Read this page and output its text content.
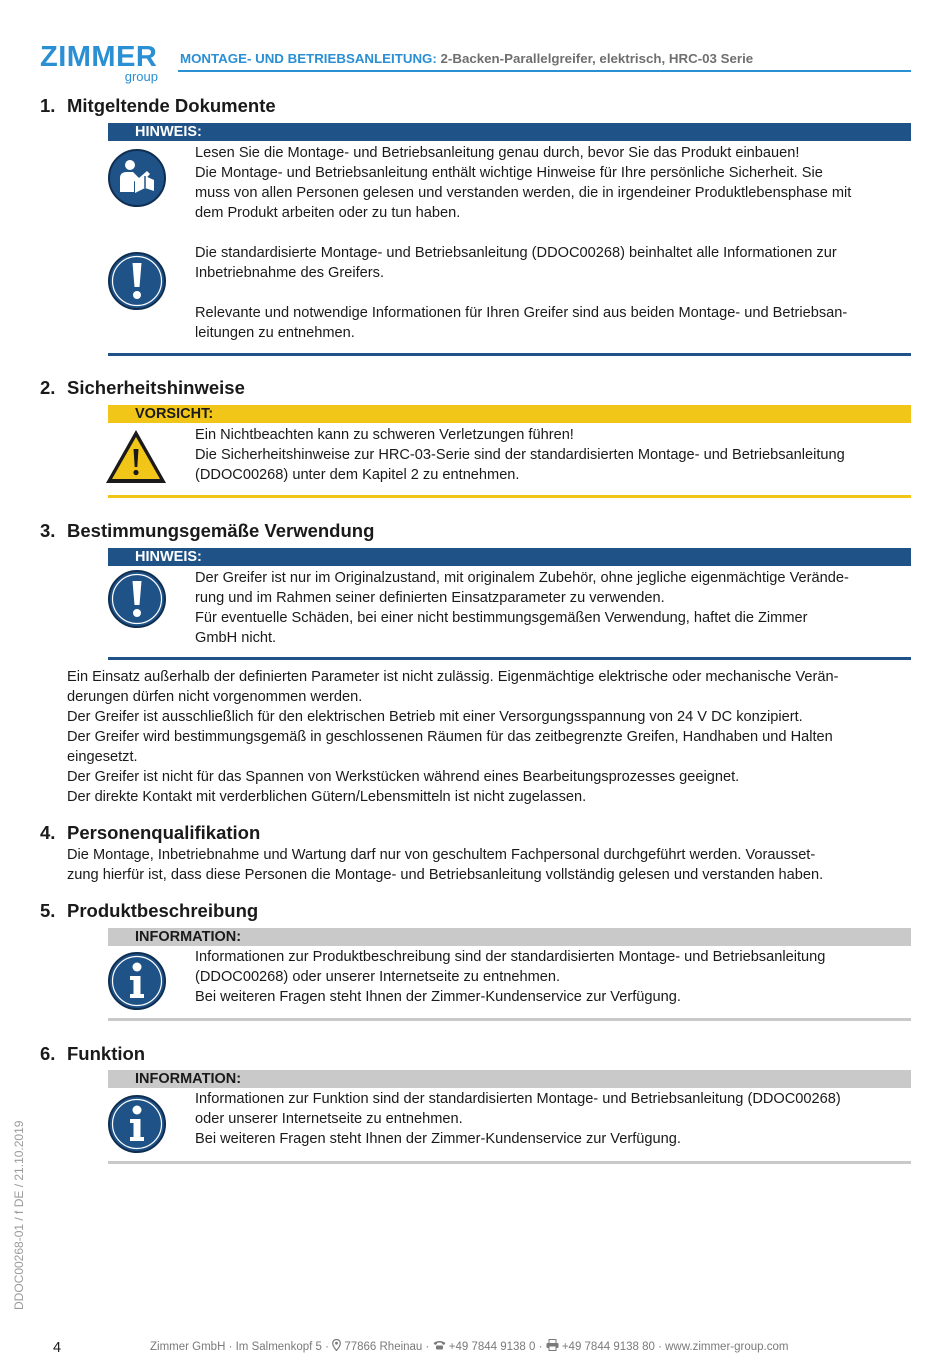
ZIMMER
group
MONTAGE- UND BETRIEBSANLEITUNG: 2-Backen-Parallelgreifer, elektrisch, HRC-03 Serie
1. Mitgeltende Dokumente
HINWEIS:

Lesen Sie die Montage- und Betriebsanleitung genau durch, bevor Sie das Produkt einbauen!

Die Montage- und Betriebsanleitung enthält wichtige Hinweise für Ihre persönliche Sicherheit. Sie

muss von allen Personen gelesen und verstanden werden, die in irgendeiner Produktlebensphase mit

dem Produkt arbeiten oder zu tun haben.

Die standardisierte Montage- und Betriebsanleitung (DDOC00268) beinhaltet alle Informationen zur

Inbetriebnahme des Greifers.

Relevante und notwendige Informationen für Ihren Greifer sind aus beiden Montage- und Betriebsan-

leitungen zu entnehmen.

2. Sicherheitshinweise
VORSICHT:

Ein Nichtbeachten kann zu schweren Verletzungen führen!

Die Sicherheitshinweise zur HRC-03-Serie sind der standardisierten Montage- und Betriebsanleitung

(DDOC00268) unter dem Kapitel 2 zu entnehmen.

3. Bestimmungsgemäße Verwendung
HINWEIS:

Der Greifer ist nur im Originalzustand, mit originalem Zubehör, ohne jegliche eigenmächtige Verände-

rung und im Rahmen seiner definierten Einsatzparameter zu verwenden.

Für eventuelle Schäden, bei einer nicht bestimmungsgemäßen Verwendung, haftet die Zimmer

GmbH nicht.

Ein Einsatz außerhalb der definierten Parameter ist nicht zulässig. Eigenmächtige elektrische oder mechanische Verän-

derungen dürfen nicht vorgenommen werden.

Der Greifer ist ausschließlich für den elektrischen Betrieb mit einer Versorgungsspannung von 24 V DC konzipiert.

Der Greifer wird bestimmungsgemäß in geschlossenen Räumen für das zeitbegrenzte Greifen, Handhaben und Halten

eingesetzt.

Der Greifer ist nicht für das Spannen von Werkstücken während eines Bearbeitungsprozesses geeignet.

Der direkte Kontakt mit verderblichen Gütern/Lebensmitteln ist nicht zugelassen.

4. Personenqualifikation

Die Montage, Inbetriebnahme und Wartung darf nur von geschultem Fachpersonal durchgeführt werden. Vorausset-

zung hierfür ist, dass diese Personen die Montage- und Betriebsanleitung vollständig gelesen und verstanden haben.

5. Produktbeschreibung
INFORMATION:

Informationen zur Produktbeschreibung sind der standardisierten Montage- und Betriebsanleitung

(DDOC00268) oder unserer Internetseite zu entnehmen.

Bei weiteren Fragen steht Ihnen der Zimmer-Kundenservice zur Verfügung.

6. Funktion
INFORMATION:

Informationen zur Funktion sind der standardisierten Montage- und Betriebsanleitung (DDOC00268)

oder unserer Internetseite zu entnehmen.

Bei weiteren Fragen steht Ihnen der Zimmer-Kundenservice zur Verfügung.

DDOC00268-01 / f DE / 21.10.2019
4	Zimmer GmbH · Im Salmenkopf 5 ·  77866 Rheinau ·  +49 7844 9138 0 ·  +49 7844 9138 80 · www.zimmer-group.com
